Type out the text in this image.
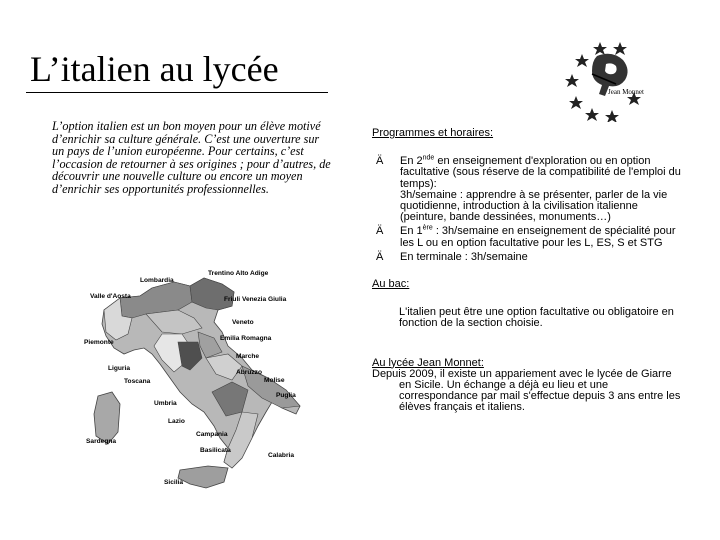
L’italien au lycée
L’option italien est un bon moyen pour un élève motivé d’enrichir sa culture générale. C’est une ouverture sur un pays de l’union européenne. Pour certains, c’est l’occasion de retourner à ses origines ; pour d’autres, de découvrir une nouvelle culture ou encore un moyen d’enrichir ses opportunités professionnelles.
Jean Monnet
Trentino Alto Adige
Lombardia
Valle d'Aosta	Friuli Venezia Giulia
Veneto
Piemonte
Emilia Romagna
Marche
Liguria
Abruzzo
Toscana	Molise
Umbria
Puglia
Lazio
Sardegna
Campania
Basilicata
Calabria
Sicilia
Programmes et horaires:
Ä En 2nde en enseignement d'exploration ou en option facultative (sous réserve de la compatibilité de l'emploi du temps):
3h/semaine : apprendre à se présenter, parler de la vie quotidienne, introduction à la civilisation italienne (peinture, bande dessinées, monuments…)
Ä En 1ère : 3h/semaine en enseignement de spécialité pour les L ou en option facultative pour les L, ES, S et STG
Ä En terminale : 3h/semaine
Au bac:
L'italien peut être une option facultative ou obligatoire en fonction de la section choisie.
Au lycée Jean Monnet:
Depuis 2009, il existe un appariement avec le lycée de Giarre en Sicile. Un échange a déjà eu lieu et une correspondance par mail s'effectue depuis 3 ans entre les élèves français et italiens.
